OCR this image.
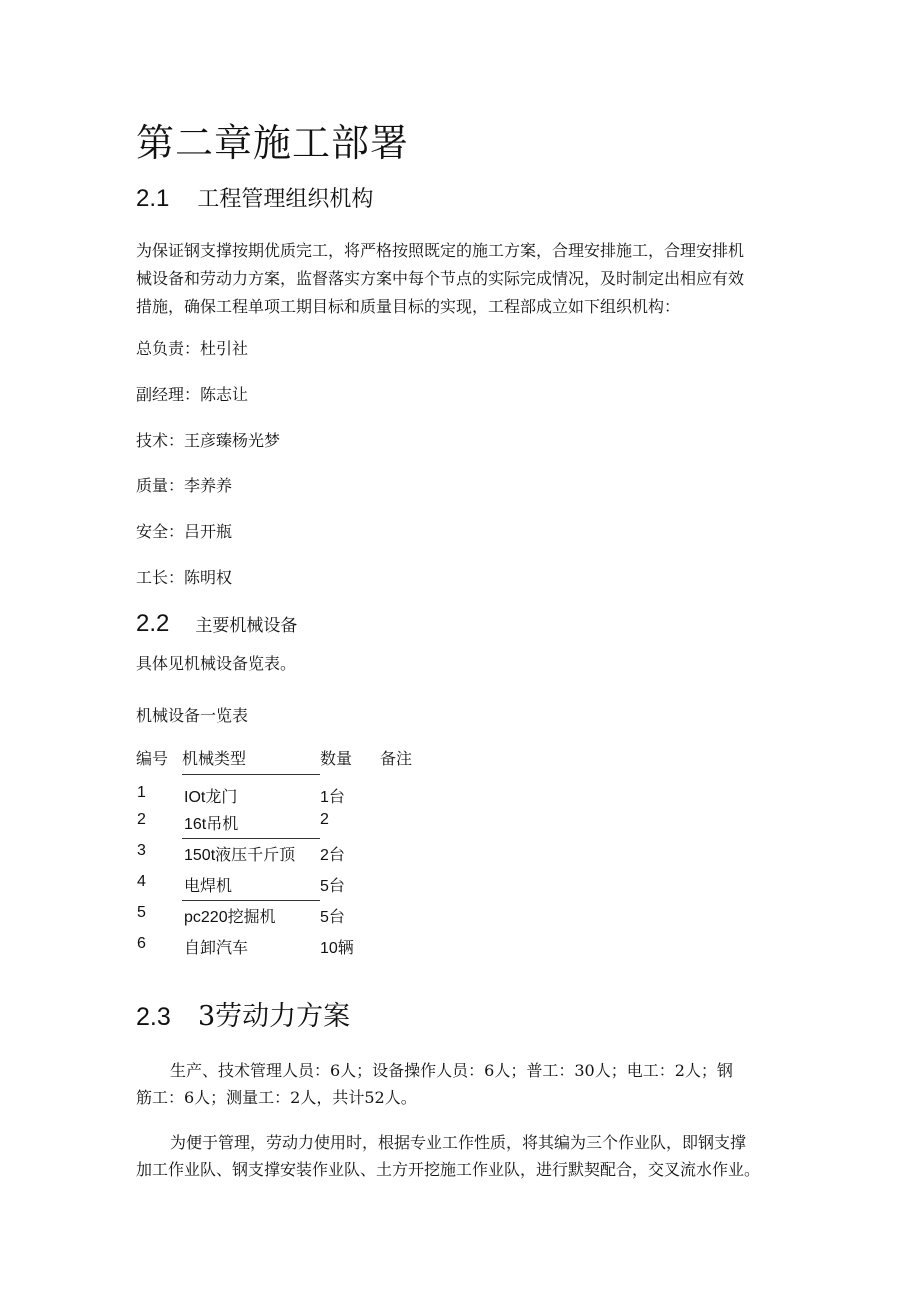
第二章施工部署
2.1 工程管理组织机构
为保证钢支撑按期优质完工，将严格按照既定的施工方案，合理安排施工，合理安排机
械设备和劳动力方案，监督落实方案中每个节点的实际完成情况，及时制定出相应有效
措施，确保工程单项工期目标和质量目标的实现，工程部成立如下组织机构：
总负责：杜引社
副经理：陈志让
技术：王彦臻杨光梦
质量：李养养
安全：吕开瓶
工长：陈明权
2.2 主要机械设备
具体见机械设备览表。
机械设备一览表
编号 机械类型	数量 备注
1 IOt龙门	1台
2 16t吊机	2
3 150t液压千斤顶 2台
4 电焊机	5台
5 pc220挖掘机	5台
6 自卸汽车	10辆
2.3 3劳动力方案
生产、技术管理人员：6人；设备操作人员：6人；普工：30人；电工：2人；钢
筋工：6人；测量工：2人，共计52人。
为便于管理，劳动力使用时，根据专业工作性质，将其编为三个作业队，即钢支撑
加工作业队、钢支撑安装作业队、土方开挖施工作业队，进行默契配合，交叉流水作业。
